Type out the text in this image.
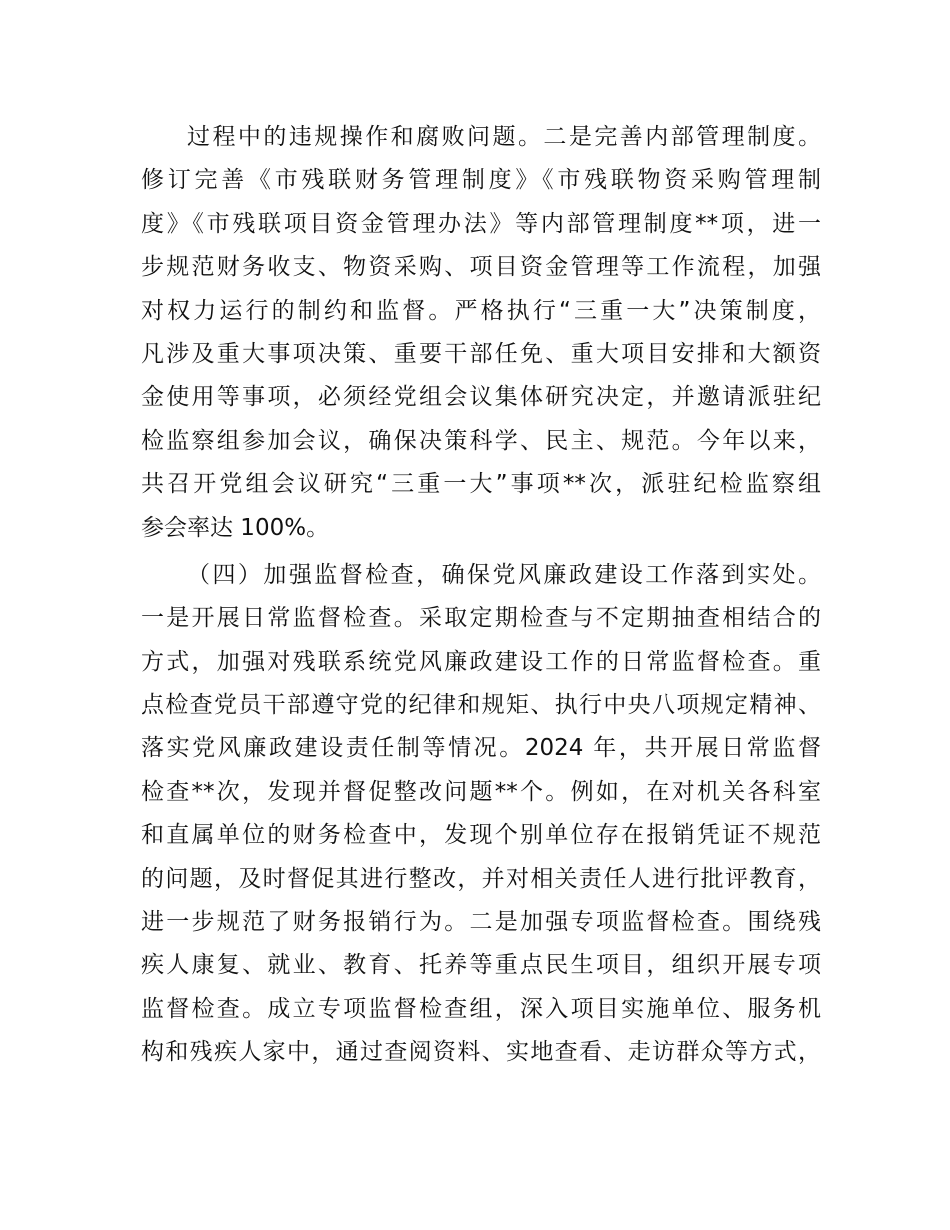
过程中的违规操作和腐败问题。二是完善内部管理制度。
修订完善《市残联财务管理制度》《市残联物资采购管理制
度》《市残联项目资金管理办法》等内部管理制度**项，进一
步规范财务收支、物资采购、项目资金管理等工作流程，加强
对权力运行的制约和监督。严格执行“三重一大”决策制度，
凡涉及重大事项决策、重要干部任免、重大项目安排和大额资
金使用等事项，必须经党组会议集体研究决定，并邀请派驻纪
检监察组参加会议，确保决策科学、民主、规范。今年以来，
共召开党组会议研究“三重一大”事项**次，派驻纪检监察组
参会率达 100%。
（四）加强监督检查，确保党风廉政建设工作落到实处。
一是开展日常监督检查。采取定期检查与不定期抽查相结合的
方式，加强对残联系统党风廉政建设工作的日常监督检查。重
点检查党员干部遵守党的纪律和规矩、执行中央八项规定精神、
落实党风廉政建设责任制等情况。2024 年，共开展日常监督
检查**次，发现并督促整改问题**个。例如，在对机关各科室
和直属单位的财务检查中，发现个别单位存在报销凭证不规范
的问题，及时督促其进行整改，并对相关责任人进行批评教育，
进一步规范了财务报销行为。二是加强专项监督检查。围绕残
疾人康复、就业、教育、托养等重点民生项目，组织开展专项
监督检查。成立专项监督检查组，深入项目实施单位、服务机
构和残疾人家中，通过查阅资料、实地查看、走访群众等方式，
